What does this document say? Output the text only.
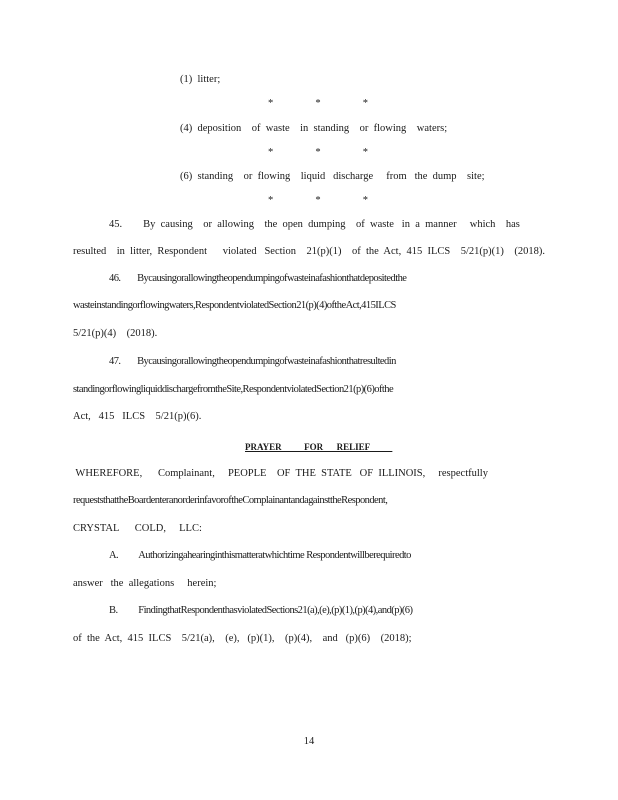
(1)  litter;
*	*	*
(4)  deposition    of  waste    in  standing    or  flowing    waters;
*	*	*
(6)  standing    or  flowing    liquid   discharge     from   the  dump    site;
*	*	*
45.        By  causing    or  allowing    the  open  dumping    of  waste   in  a  manner     which    has
resulted    in  litter,  Respondent      violated   Section    21(p)(1)    of  the  Act,  415  ILCS    5/21(p)(1)    (2018).
46.        Bycausingorallowingtheopendumpingofwasteinafashionthatdepositedthe
wasteinstandingorflowingwaters,RespondentviolatedSection21(p)(4)oftheAct,415ILCS
5/21(p)(4)    (2018).
47.        Bycausingorallowingtheopendumpingofwasteinafashionthatresultedin
standingorflowingliquiddischargefromtheSite,RespondentviolatedSection21(p)(6)ofthe
Act,   415   ILCS    5/21(p)(6).
PRAYER          FOR      RELIEF
WHEREFORE,      Complainant,     PEOPLE    OF  THE  STATE   OF  ILLINOIS,     respectfully
requeststhattheBoardenteranorderinfavoroftheComplainantandagainsttheRespondent,
CRYSTAL      COLD,     LLC:
A.          Authorizingahearinginthismatteratwhichtime Respondentwillberequiredto
answer   the  allegations     herein;
B.          FindingthatRespondenthasviolatedSections21(a),(e),(p)(1),(p)(4),and(p)(6)
of  the  Act,  415  ILCS    5/21(a),    (e),   (p)(1),    (p)(4),    and   (p)(6)    (2018);
14
